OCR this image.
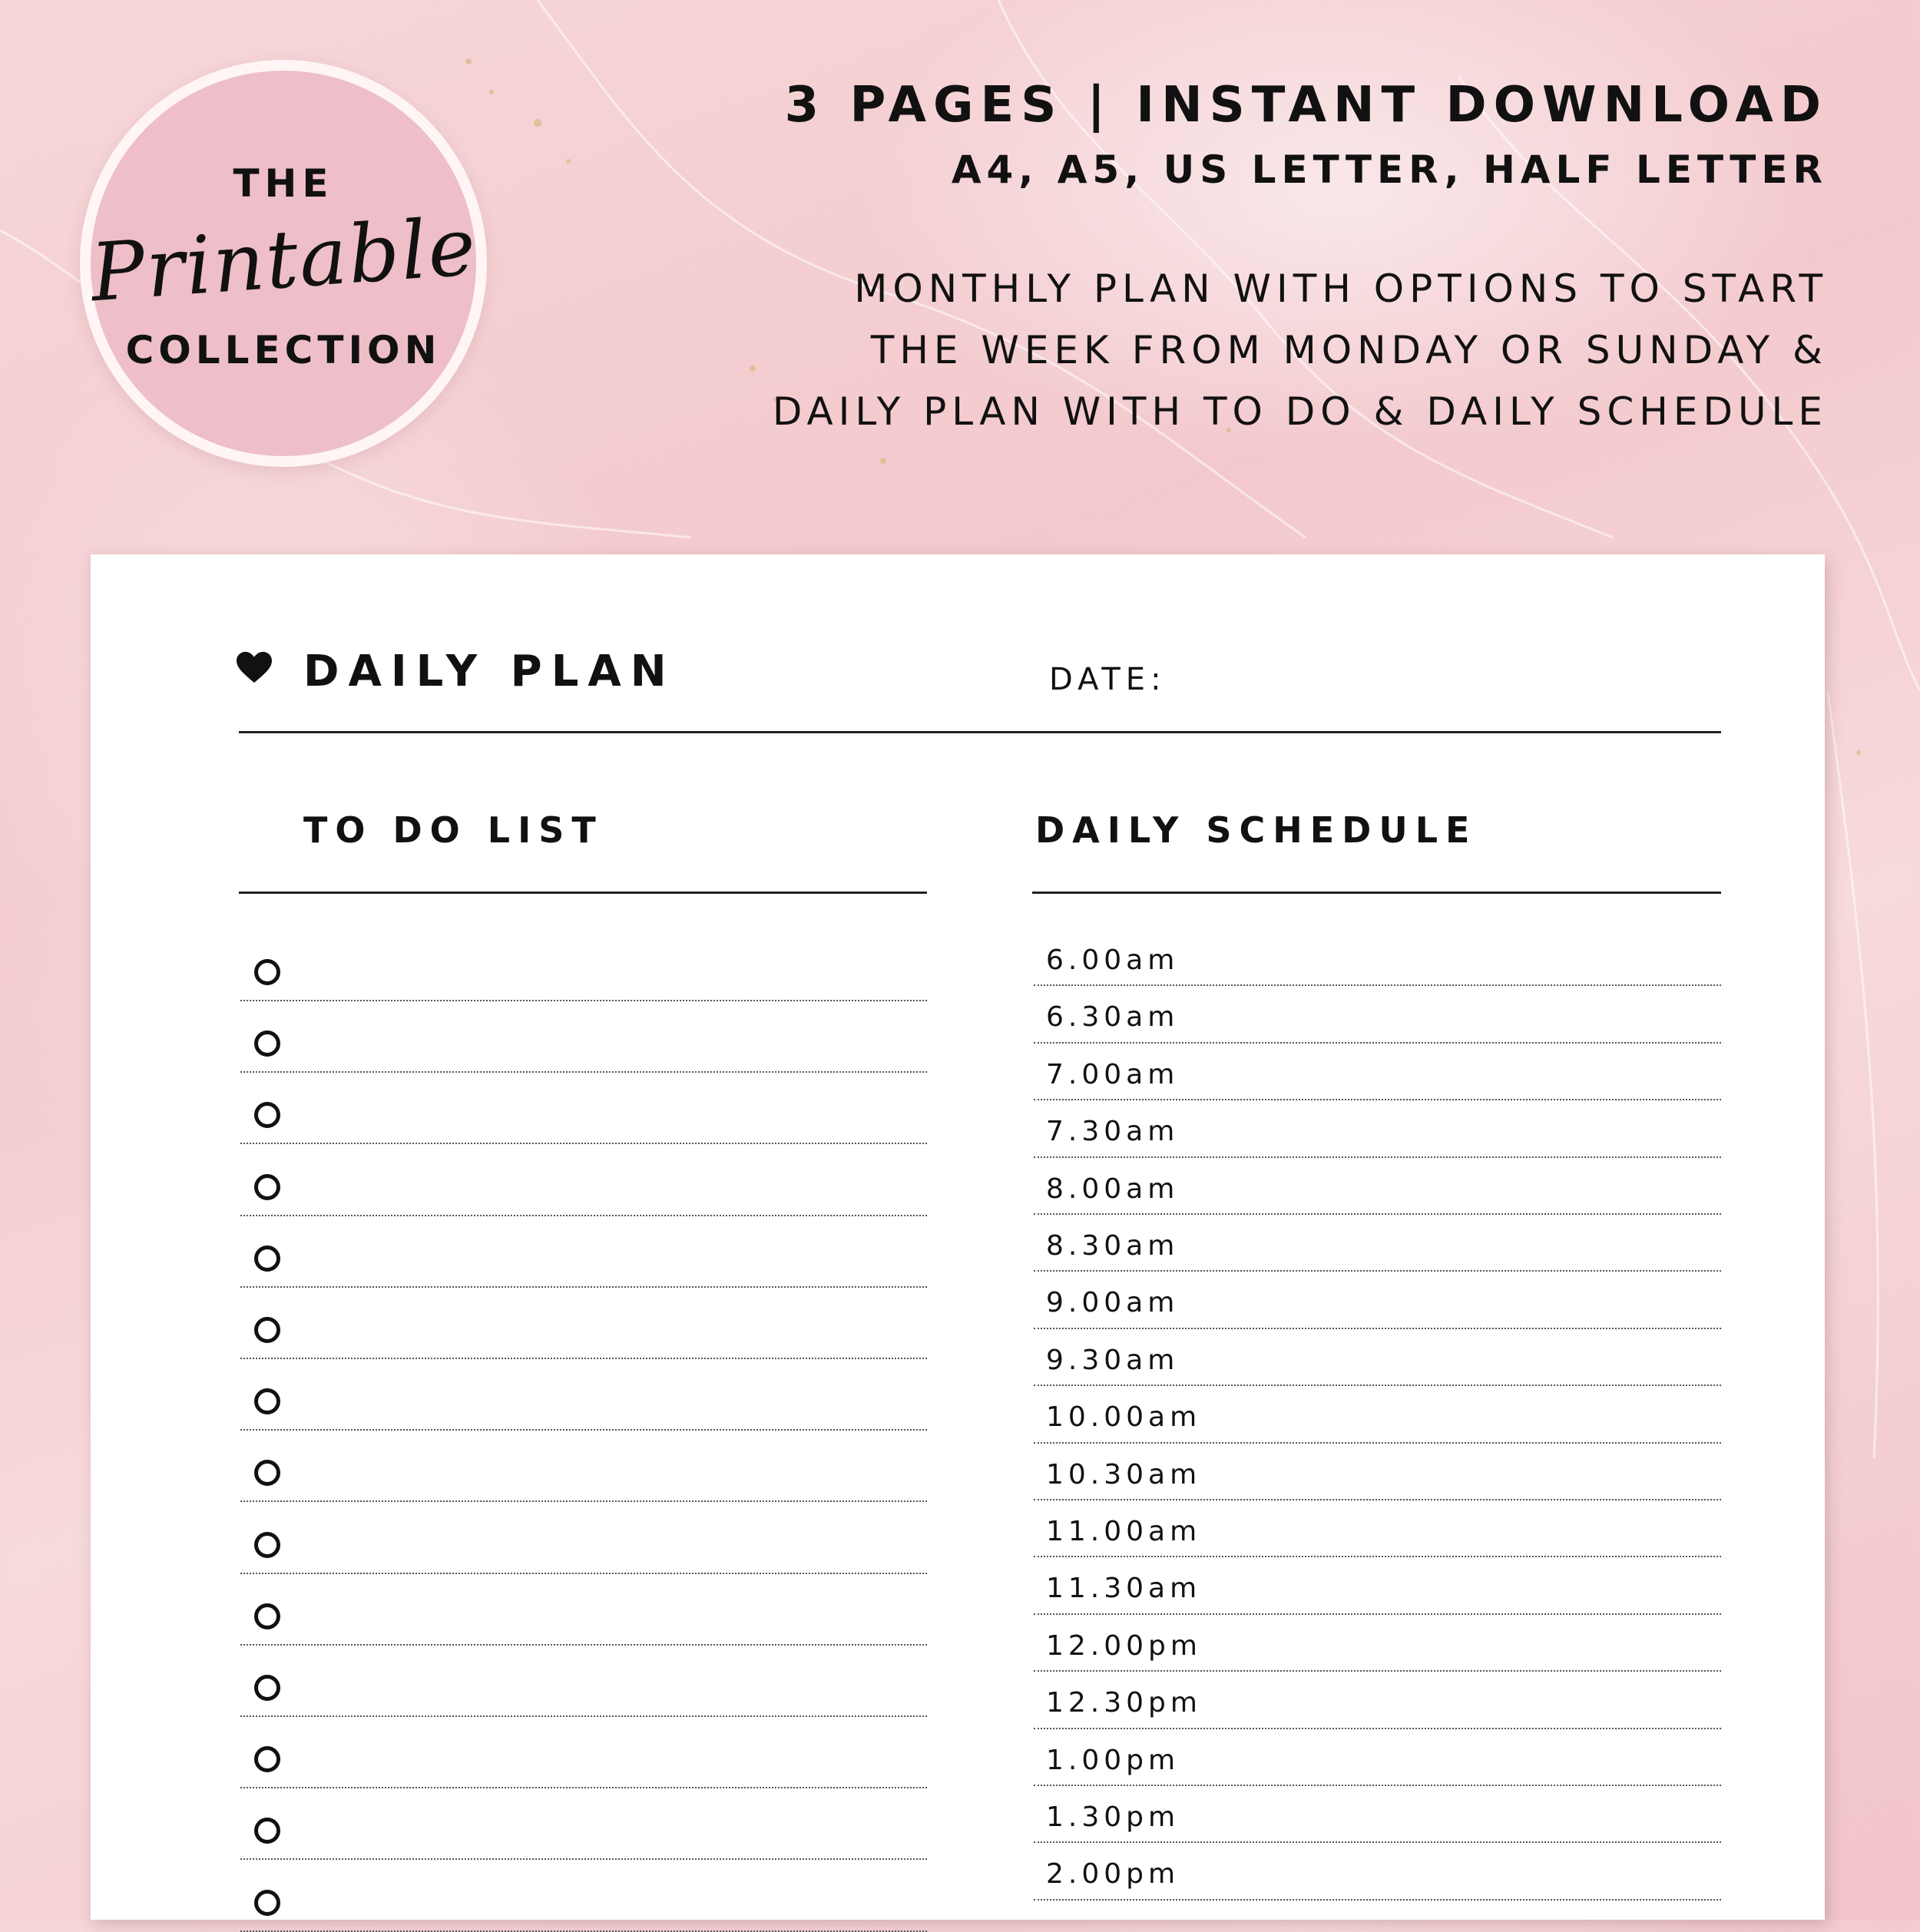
THE
Printable
COLLECTION
3 PAGES | INSTANT DOWNLOAD
A4, A5, US LETTER, HALF LETTER
MONTHLY PLAN WITH OPTIONS TO START
THE WEEK FROM MONDAY OR SUNDAY &
DAILY PLAN WITH TO DO & DAILY SCHEDULE
DAILY PLAN	DATE:
TO DO LIST	DAILY SCHEDULE
6.00am
6.30am
7.00am
7.30am
8.00am
8.30am
9.00am
9.30am
10.00am
10.30am
11.00am
11.30am
12.00pm
12.30pm
1.00pm
1.30pm
2.00pm
